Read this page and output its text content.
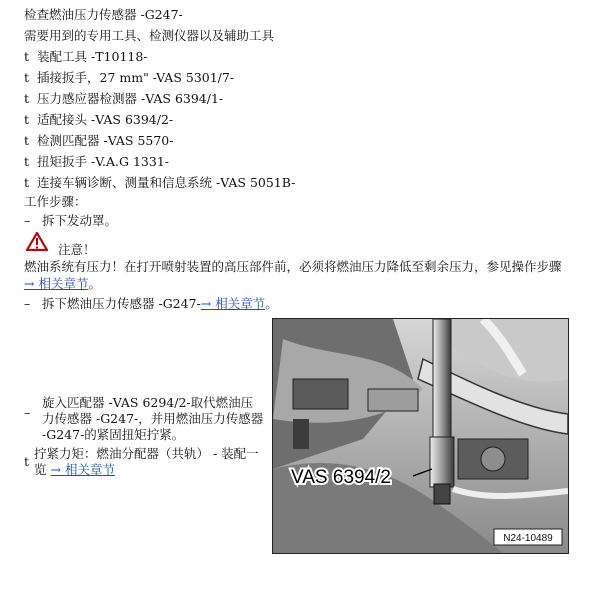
检查燃油压力传感器 -G247-
需要用到的专用工具、检测仪器以及辅助工具
t 装配工具 -T10118-
t 插接扳手，27 mm" -VAS 5301/7-
t 压力感应器检测器 -VAS 6394/1-
t 适配接头 -VAS 6394/2-
t 检测匹配器 -VAS 5570-
t 扭矩扳手 -V.A.G 1331-
t 连接车辆诊断、测量和信息系统 -VAS 5051B-
工作步骤：
– 拆下发动罩。
注意！
燃油系统有压力！在打开喷射装置的高压部件前，必须将燃油压力降低至剩余压力，参见操作步骤 → 相关章节。
– 拆下燃油压力传感器 -G247-→ 相关章节。
–
旋入匹配器 -VAS 6294/2-取代燃油压力传感器 -G247-，并用燃油压力传感器 -G247-的紧固扭矩拧紧。
t
拧紧力矩：燃油分配器（共轨） - 装配一览 → 相关章节	VAS 6394/2
N24-10489
